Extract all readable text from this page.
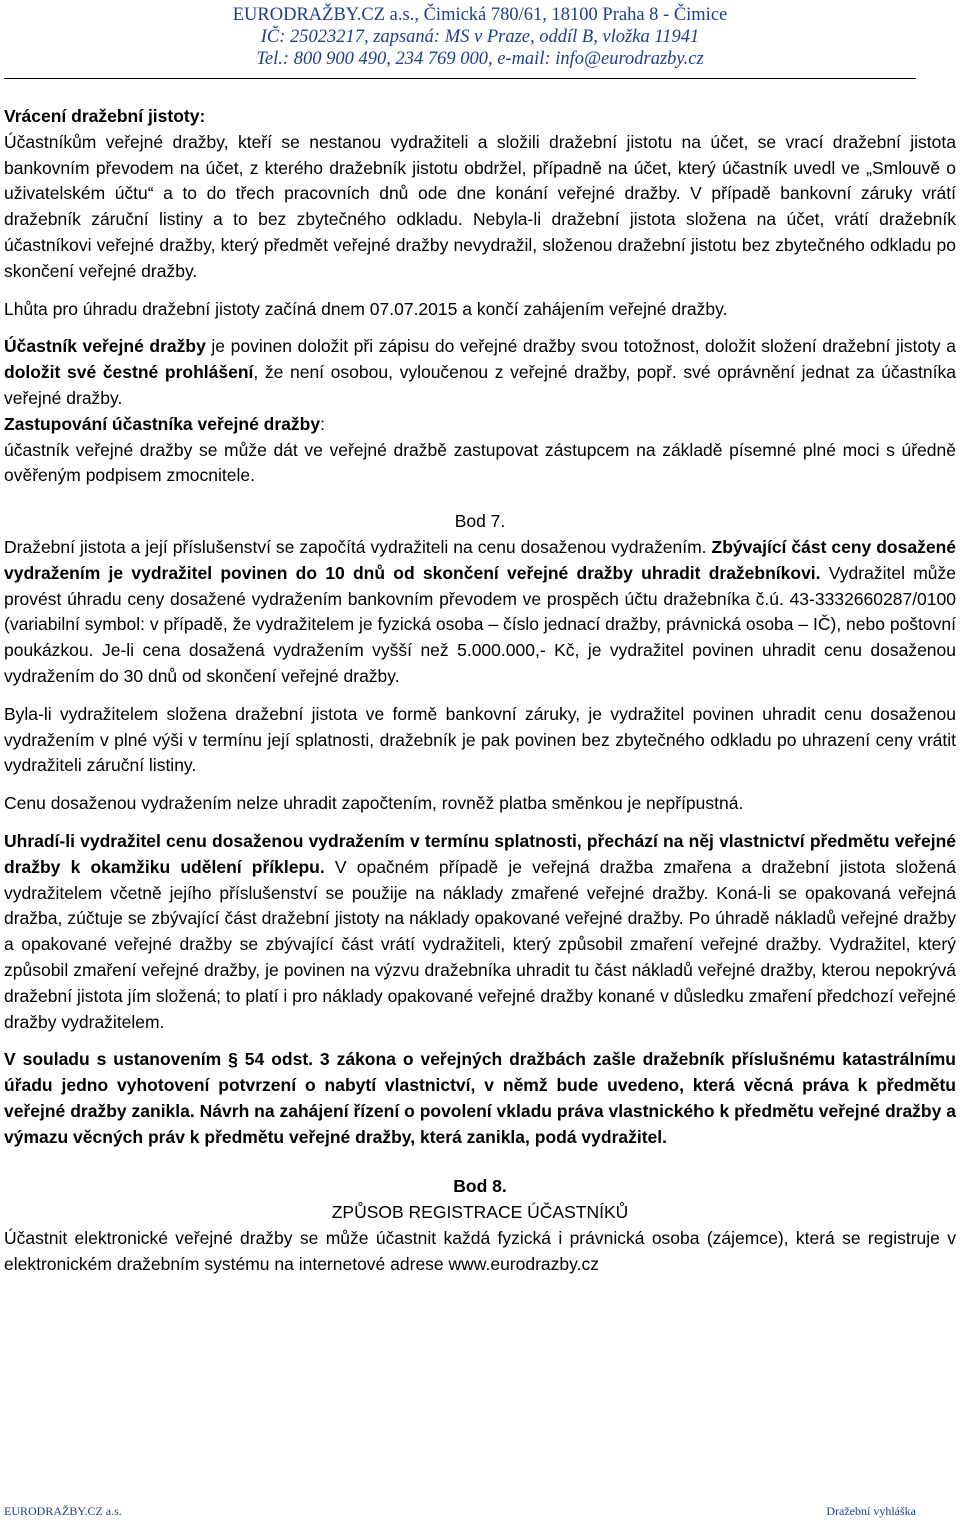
EURODRAŽBY.CZ a.s., Čimická 780/61, 18100 Praha 8 - Čimice
IČ: 25023217, zapsaná: MS v Praze, oddíl B, vložka 11941
Tel.: 800 900 490, 234 769 000, e-mail: info@eurodrazby.cz

Vrácení dražební jistoty:

Účastníkům veřejné dražby, kteří se nestanou vydražiteli a složili dražební jistotu na účet, se vrací dražební jistota bankovním převodem na účet, z kterého dražebník jistotu obdržel, případně na účet, který účastník uvedl ve „Smlouvě o uživatelském účtu“ a to do třech pracovních dnů ode dne konání veřejné dražby. V případě bankovní záruky vrátí dražebník záruční listiny a to bez zbytečného odkladu. Nebyla-li dražební jistota složena na účet, vrátí dražebník účastníkovi veřejné dražby, který předmět veřejné dražby nevydražil, složenou dražební jistotu bez zbytečného odkladu po skončení veřejné dražby.

Lhůta pro úhradu dražební jistoty začíná dnem 07.07.2015 a končí zahájením veřejné dražby.

Účastník veřejné dražby je povinen doložit při zápisu do veřejné dražby svou totožnost, doložit složení dražební jistoty a doložit své čestné prohlášení, že není osobou, vyloučenou z veřejné dražby, popř. své oprávnění jednat za účastníka veřejné dražby.

Zastupování účastníka veřejné dražby:

účastník veřejné dražby se může dát ve veřejné dražbě zastupovat zástupcem na základě písemné plné moci s úředně ověřeným podpisem zmocnitele.

Bod 7.

Dražební jistota a její příslušenství se započítá vydražiteli na cenu dosaženou vydražením. Zbývající část ceny dosažené vydražením je vydražitel povinen do 10 dnů od skončení veřejné dražby uhradit dražebníkovi. Vydražitel může provést úhradu ceny dosažené vydražením bankovním převodem ve prospěch účtu dražebníka č.ú. 43-3332660287/0100 (variabilní symbol: v případě, že vydražitelem je fyzická osoba – číslo jednací dražby, právnická osoba – IČ), nebo poštovní poukázkou. Je-li cena dosažená vydražením vyšší než 5.000.000,- Kč, je vydražitel povinen uhradit cenu dosaženou vydražením do 30 dnů od skončení veřejné dražby.

Byla-li vydražitelem složena dražební jistota ve formě bankovní záruky, je vydražitel povinen uhradit cenu dosaženou vydražením v plné výši v termínu její splatnosti, dražebník je pak povinen bez zbytečného odkladu po uhrazení ceny vrátit vydražiteli záruční listiny.

Cenu dosaženou vydražením nelze uhradit započtením, rovněž platba směnkou je nepřípustná.

Uhradí-li vydražitel cenu dosaženou vydražením v termínu splatnosti, přechází na něj vlastnictví předmětu veřejné dražby k okamžiku udělení příklepu. V opačném případě je veřejná dražba zmařena a dražební jistota složená vydražitelem včetně jejího příslušenství se použije na náklady zmařené veřejné dražby. Koná-li se opakovaná veřejná dražba, zúčtuje se zbývající část dražební jistoty na náklady opakované veřejné dražby. Po úhradě nákladů veřejné dražby a opakované veřejné dražby se zbývající část vrátí vydražiteli, který způsobil zmaření veřejné dražby. Vydražitel, který způsobil zmaření veřejné dražby, je povinen na výzvu dražebníka uhradit tu část nákladů veřejné dražby, kterou nepokrývá dražební jistota jím složená; to platí i pro náklady opakované veřejné dražby konané v důsledku zmaření předchozí veřejné dražby vydražitelem.

V souladu s ustanovením § 54 odst. 3 zákona o veřejných dražbách zašle dražebník příslušnému katastrálnímu úřadu jedno vyhotovení potvrzení o nabytí vlastnictví, v němž bude uvedeno, která věcná práva k předmětu veřejné dražby zanikla. Návrh na zahájení řízení o povolení vkladu práva vlastnického k předmětu veřejné dražby a výmazu věcných práv k předmětu veřejné dražby, která zanikla, podá vydražitel.

Bod 8.

ZPŮSOB REGISTRACE ÚČASTNÍKŮ

Účastnit elektronické veřejné dražby se může účastnit každá fyzická i právnická osoba (zájemce), která se registruje v elektronickém dražebním systému na internetové adrese www.eurodrazby.cz

EURODRAŽBY.CZ a.s.	Dražební vyhláška
